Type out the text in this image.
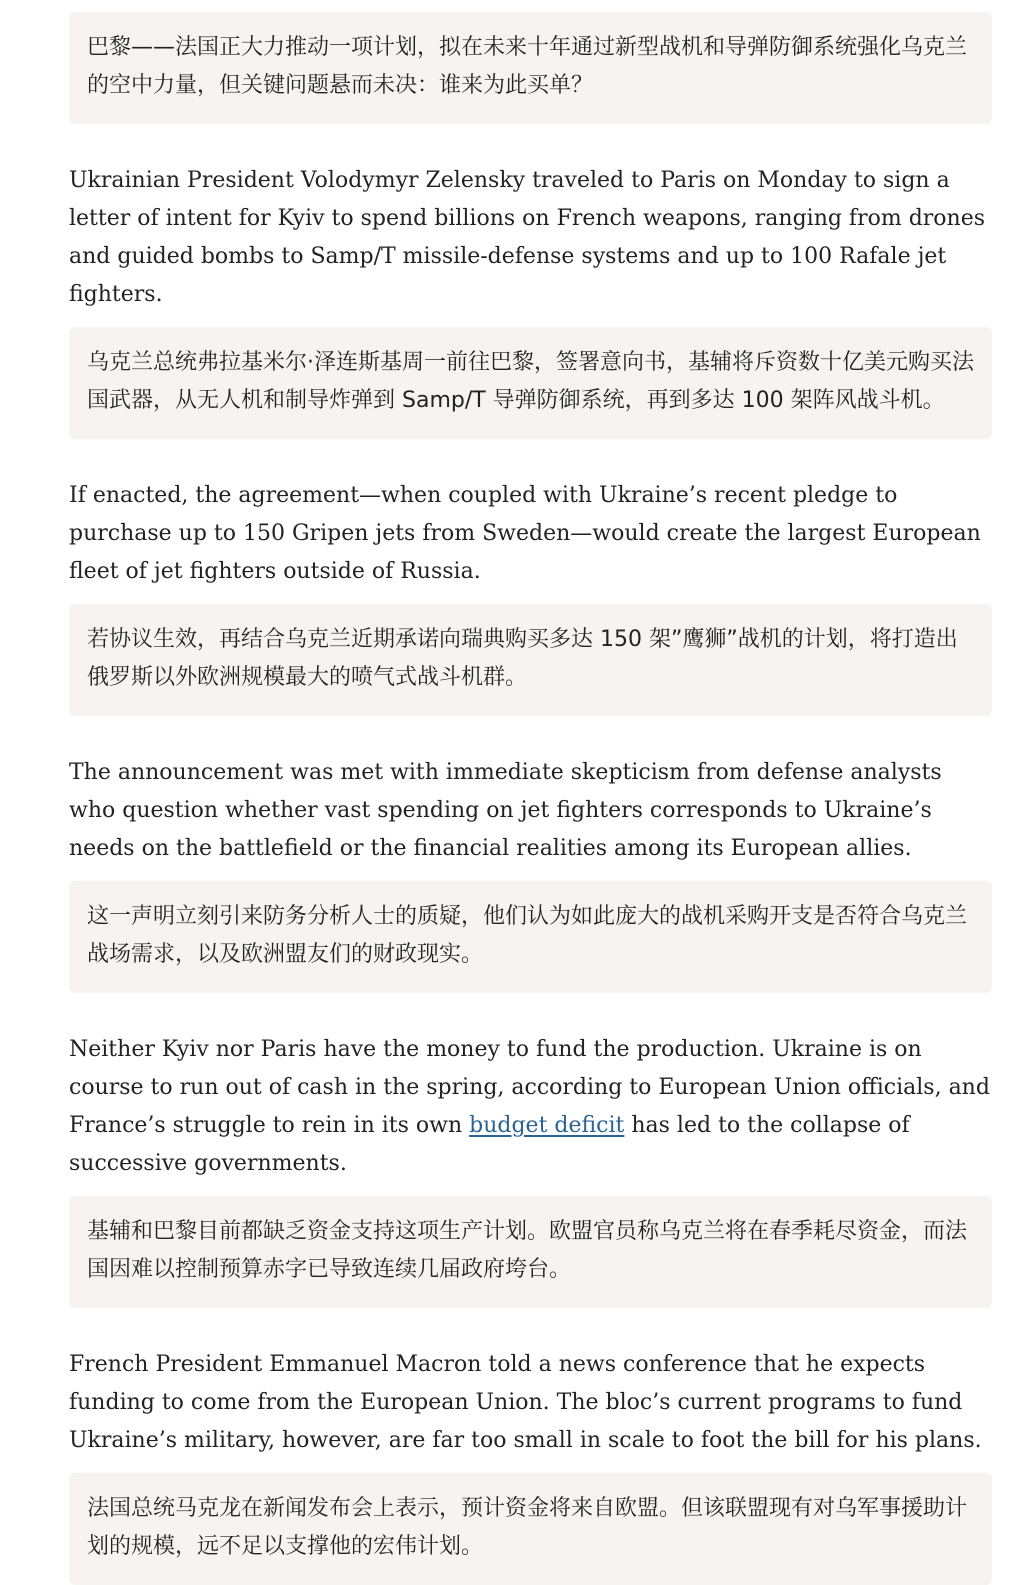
巴黎——法国正大力推动一项计划，拟在未来十年通过新型战机和导弹防御系统强化乌克兰的空中力量，但关键问题悬而未决：谁来为此买单？

Ukrainian President Volodymyr Zelensky traveled to Paris on Monday to sign a letter of intent for Kyiv to spend billions on French weapons, ranging from drones and guided bombs to Samp/T missile-defense systems and up to 100 Rafale jet fighters.

乌克兰总统弗拉基米尔·泽连斯基周一前往巴黎，签署意向书，基辅将斥资数十亿美元购买法国武器，从无人机和制导炸弹到 Samp/T 导弹防御系统，再到多达 100 架阵风战斗机。

If enacted, the agreement—when coupled with Ukraine’s recent pledge to purchase up to 150 Gripen jets from Sweden—would create the largest European fleet of jet fighters outside of Russia.

若协议生效，再结合乌克兰近期承诺向瑞典购买多达 150 架”鹰狮”战机的计划，将打造出俄罗斯以外欧洲规模最大的喷气式战斗机群。

The announcement was met with immediate skepticism from defense analysts who question whether vast spending on jet fighters corresponds to Ukraine’s needs on the battlefield or the financial realities among its European allies.

这一声明立刻引来防务分析人士的质疑，他们认为如此庞大的战机采购开支是否符合乌克兰战场需求，以及欧洲盟友们的财政现实。

Neither Kyiv nor Paris have the money to fund the production. Ukraine is on course to run out of cash in the spring, according to European Union officials, and France’s struggle to rein in its own budget deficit has led to the collapse of successive governments.

基辅和巴黎目前都缺乏资金支持这项生产计划。欧盟官员称乌克兰将在春季耗尽资金，而法国因难以控制预算赤字已导致连续几届政府垮台。

French President Emmanuel Macron told a news conference that he expects funding to come from the European Union. The bloc’s current programs to fund Ukraine’s military, however, are far too small in scale to foot the bill for his plans.

法国总统马克龙在新闻发布会上表示，预计资金将来自欧盟。但该联盟现有对乌军事援助计划的规模，远不足以支撑他的宏伟计划。
